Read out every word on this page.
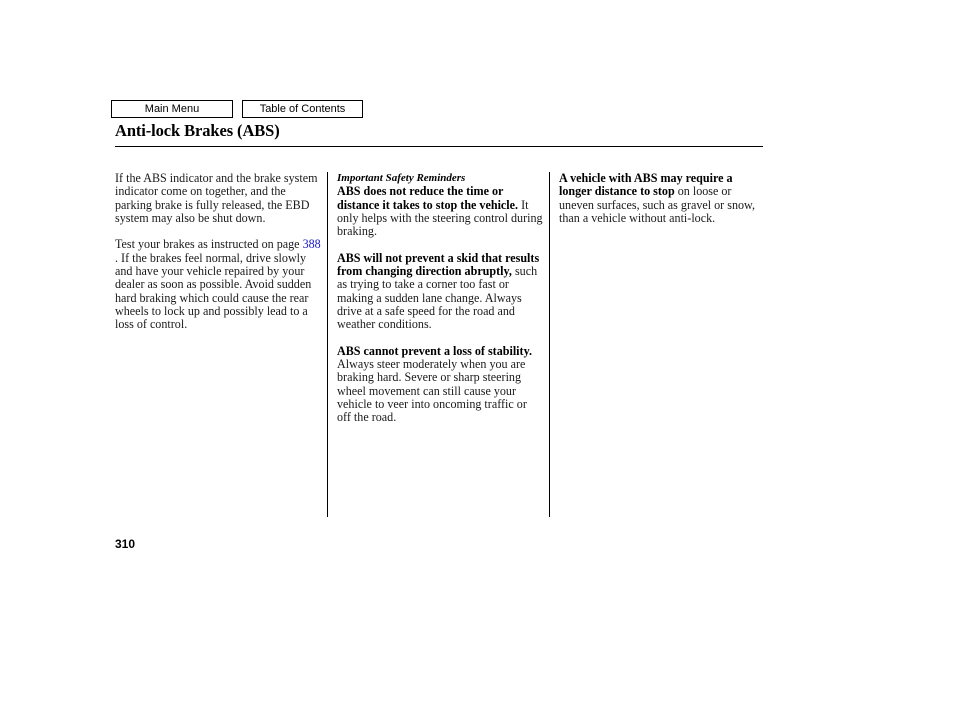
Main Menu	Table of Contents
Anti-lock Brakes (ABS)

If the ABS indicator and the brake system indicator come on together, and the parking brake is fully released, the EBD system may also be shut down.

Test your brakes as instructed on page 388 . If the brakes feel normal, drive slowly and have your vehicle repaired by your dealer as soon as possible. Avoid sudden hard braking which could cause the rear wheels to lock up and possibly lead to a loss of control.

Important Safety Reminders

ABS does not reduce the time or distance it takes to stop the vehicle. It only helps with the steering control during braking.

ABS will not prevent a skid that results from changing direction abruptly, such as trying to take a corner too fast or making a sudden lane change. Always drive at a safe speed for the road and weather conditions.

ABS cannot prevent a loss of stability. Always steer moderately when you are braking hard. Severe or sharp steering wheel movement can still cause your vehicle to veer into oncoming traffic or off the road.

A vehicle with ABS may require a longer distance to stop on loose or uneven surfaces, such as gravel or snow, than a vehicle without anti-lock.

310
